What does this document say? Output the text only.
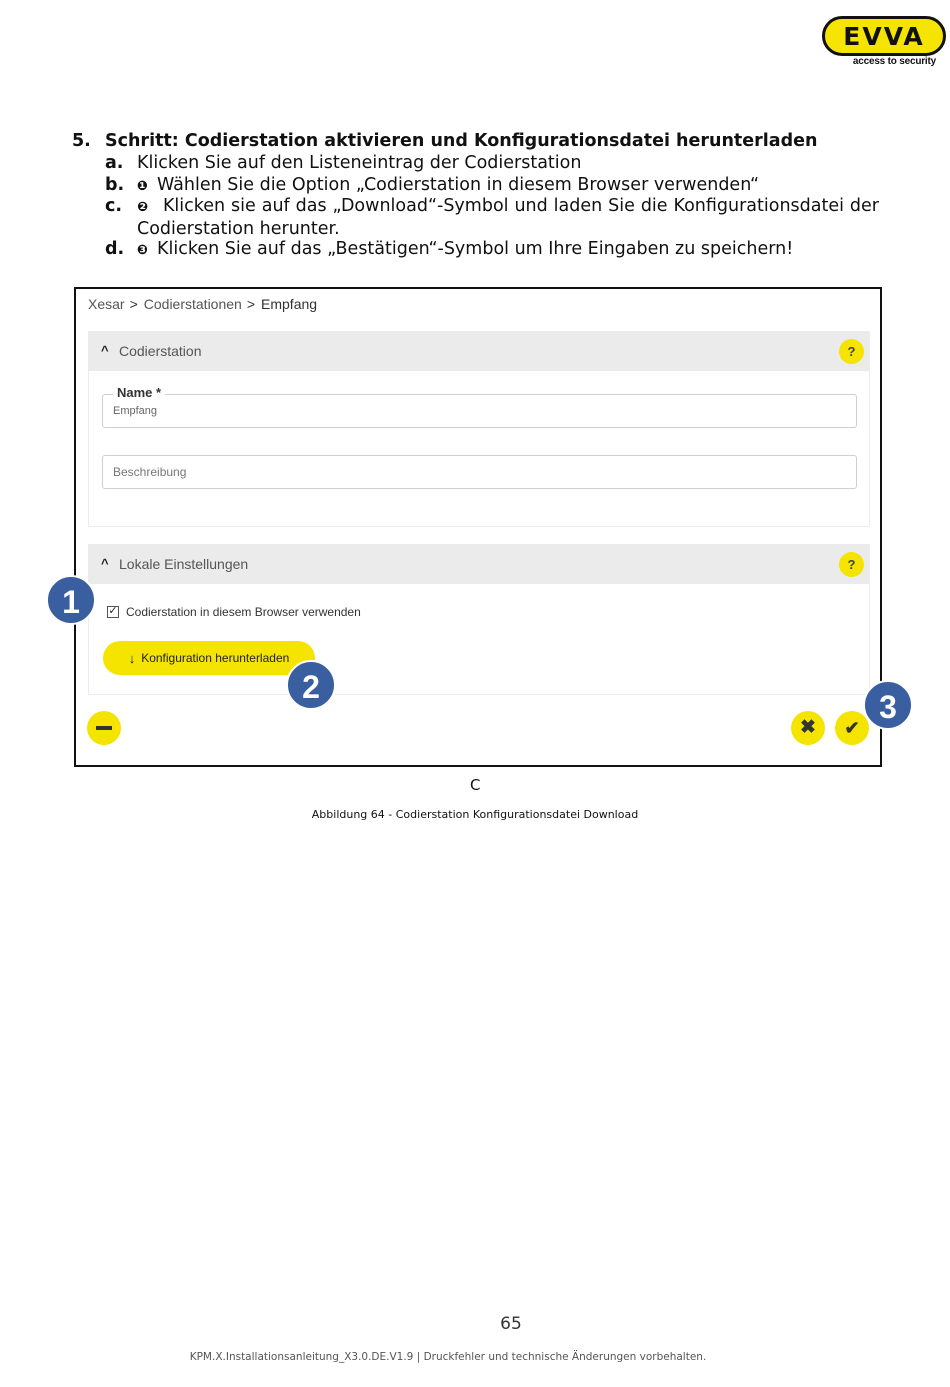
EVVA
access to security
5. Schritt: Codierstation aktivieren und Konfigurationsdatei herunterladen
a. Klicken Sie auf den Listeneintrag der Codierstation
b. ❶ Wählen Sie die Option „Codierstation in diesem Browser verwenden“
c. ❷ Klicken sie auf das „Download“-Symbol und laden Sie die Konfigurationsdatei der Codierstation herunter.
d. ❸ Klicken Sie auf das „Bestätigen“-Symbol um Ihre Eingaben zu speichern!
Xesar > Codierstationen > Empfang
^ Codierstation	?
Name *
Empfang
Beschreibung
^ Lokale Einstellungen	?
✓ Codierstation in diesem Browser verwenden
↓ Konfiguration herunterladen
✖	✔
1
2
3
C
Abbildung 64 - Codierstation Konfigurationsdatei Download
65
KPM.X.Installationsanleitung_X3.0.DE.V1.9 | Druckfehler und technische Änderungen vorbehalten.
